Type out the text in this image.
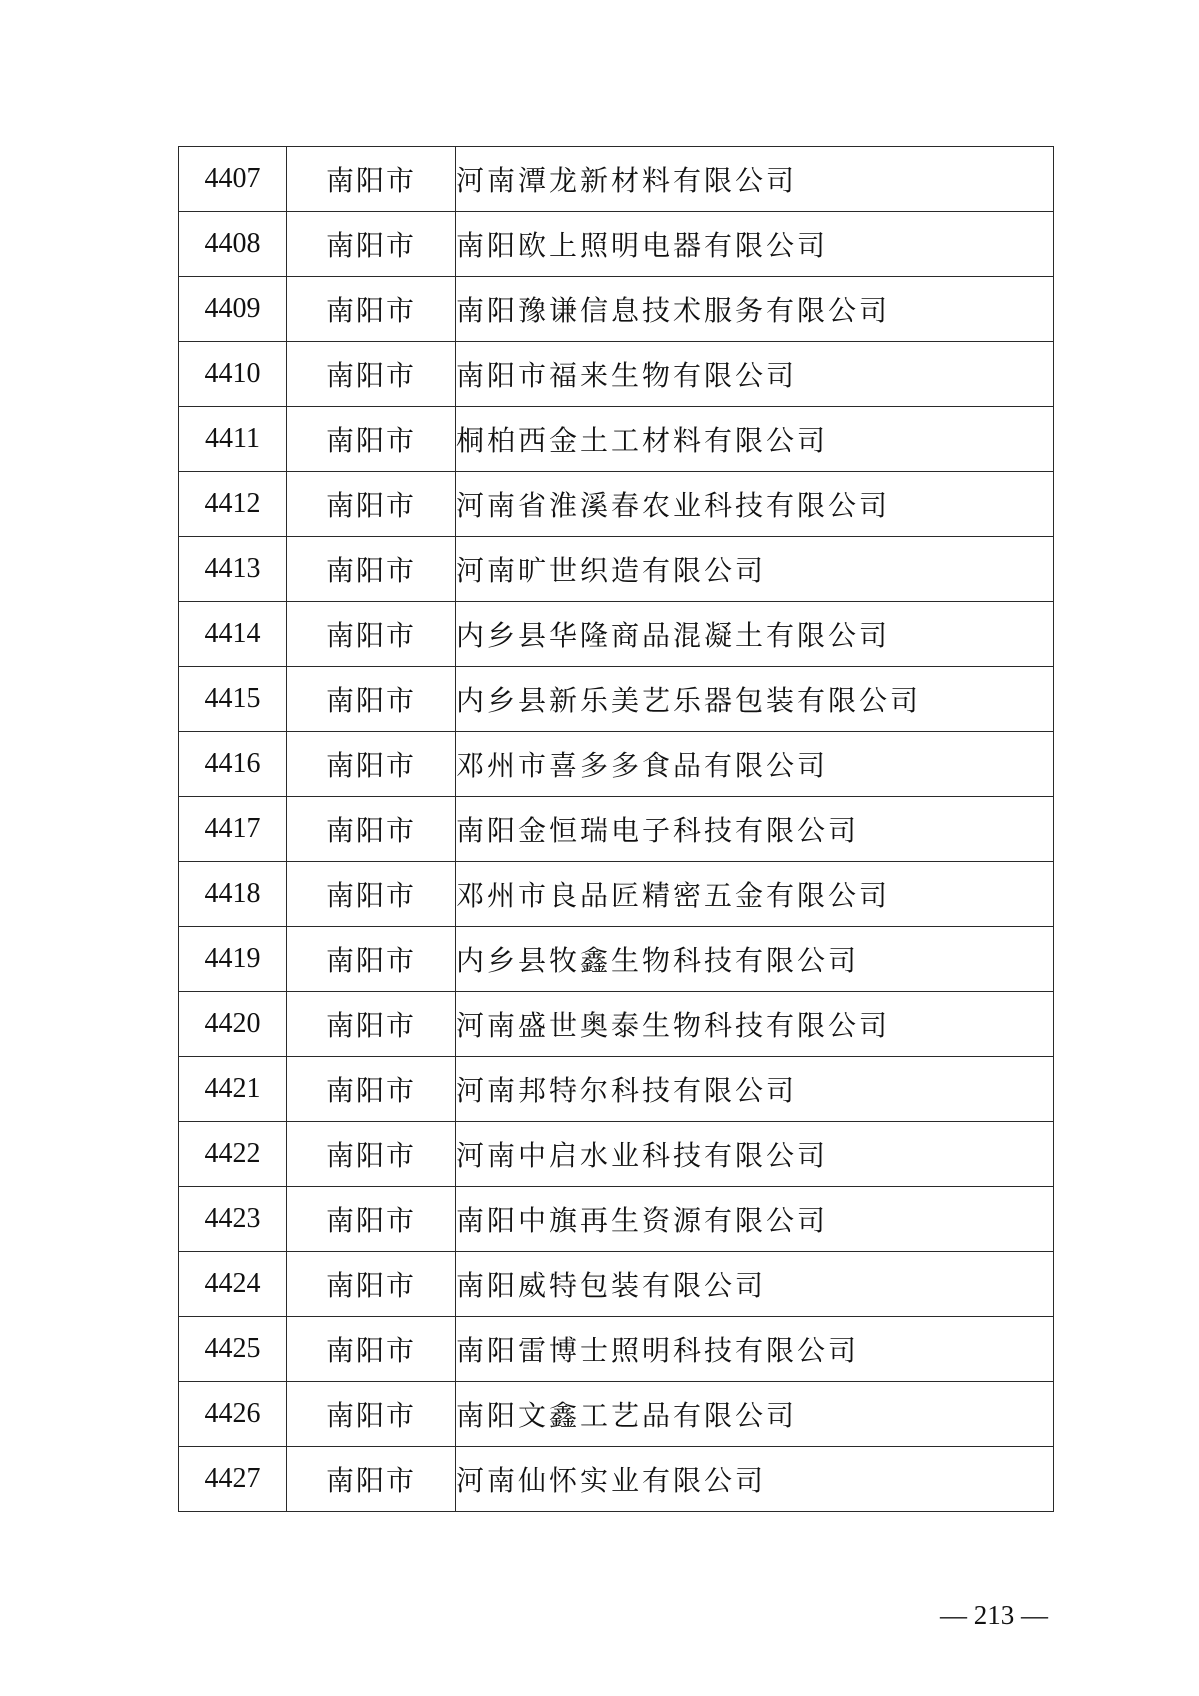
4407	南阳市	河南潭龙新材料有限公司
4408	南阳市	南阳欧上照明电器有限公司
4409	南阳市	南阳豫谦信息技术服务有限公司
4410	南阳市	南阳市福来生物有限公司
4411	南阳市	桐柏西金土工材料有限公司
4412	南阳市	河南省淮溪春农业科技有限公司
4413	南阳市	河南旷世织造有限公司
4414	南阳市	内乡县华隆商品混凝土有限公司
4415	南阳市	内乡县新乐美艺乐器包装有限公司
4416	南阳市	邓州市喜多多食品有限公司
4417	南阳市	南阳金恒瑞电子科技有限公司
4418	南阳市	邓州市良品匠精密五金有限公司
4419	南阳市	内乡县牧鑫生物科技有限公司
4420	南阳市	河南盛世奥泰生物科技有限公司
4421	南阳市	河南邦特尔科技有限公司
4422	南阳市	河南中启水业科技有限公司
4423	南阳市	南阳中旗再生资源有限公司
4424	南阳市	南阳威特包装有限公司
4425	南阳市	南阳雷博士照明科技有限公司
4426	南阳市	南阳文鑫工艺品有限公司
4427	南阳市	河南仙怀实业有限公司
— 213 —
